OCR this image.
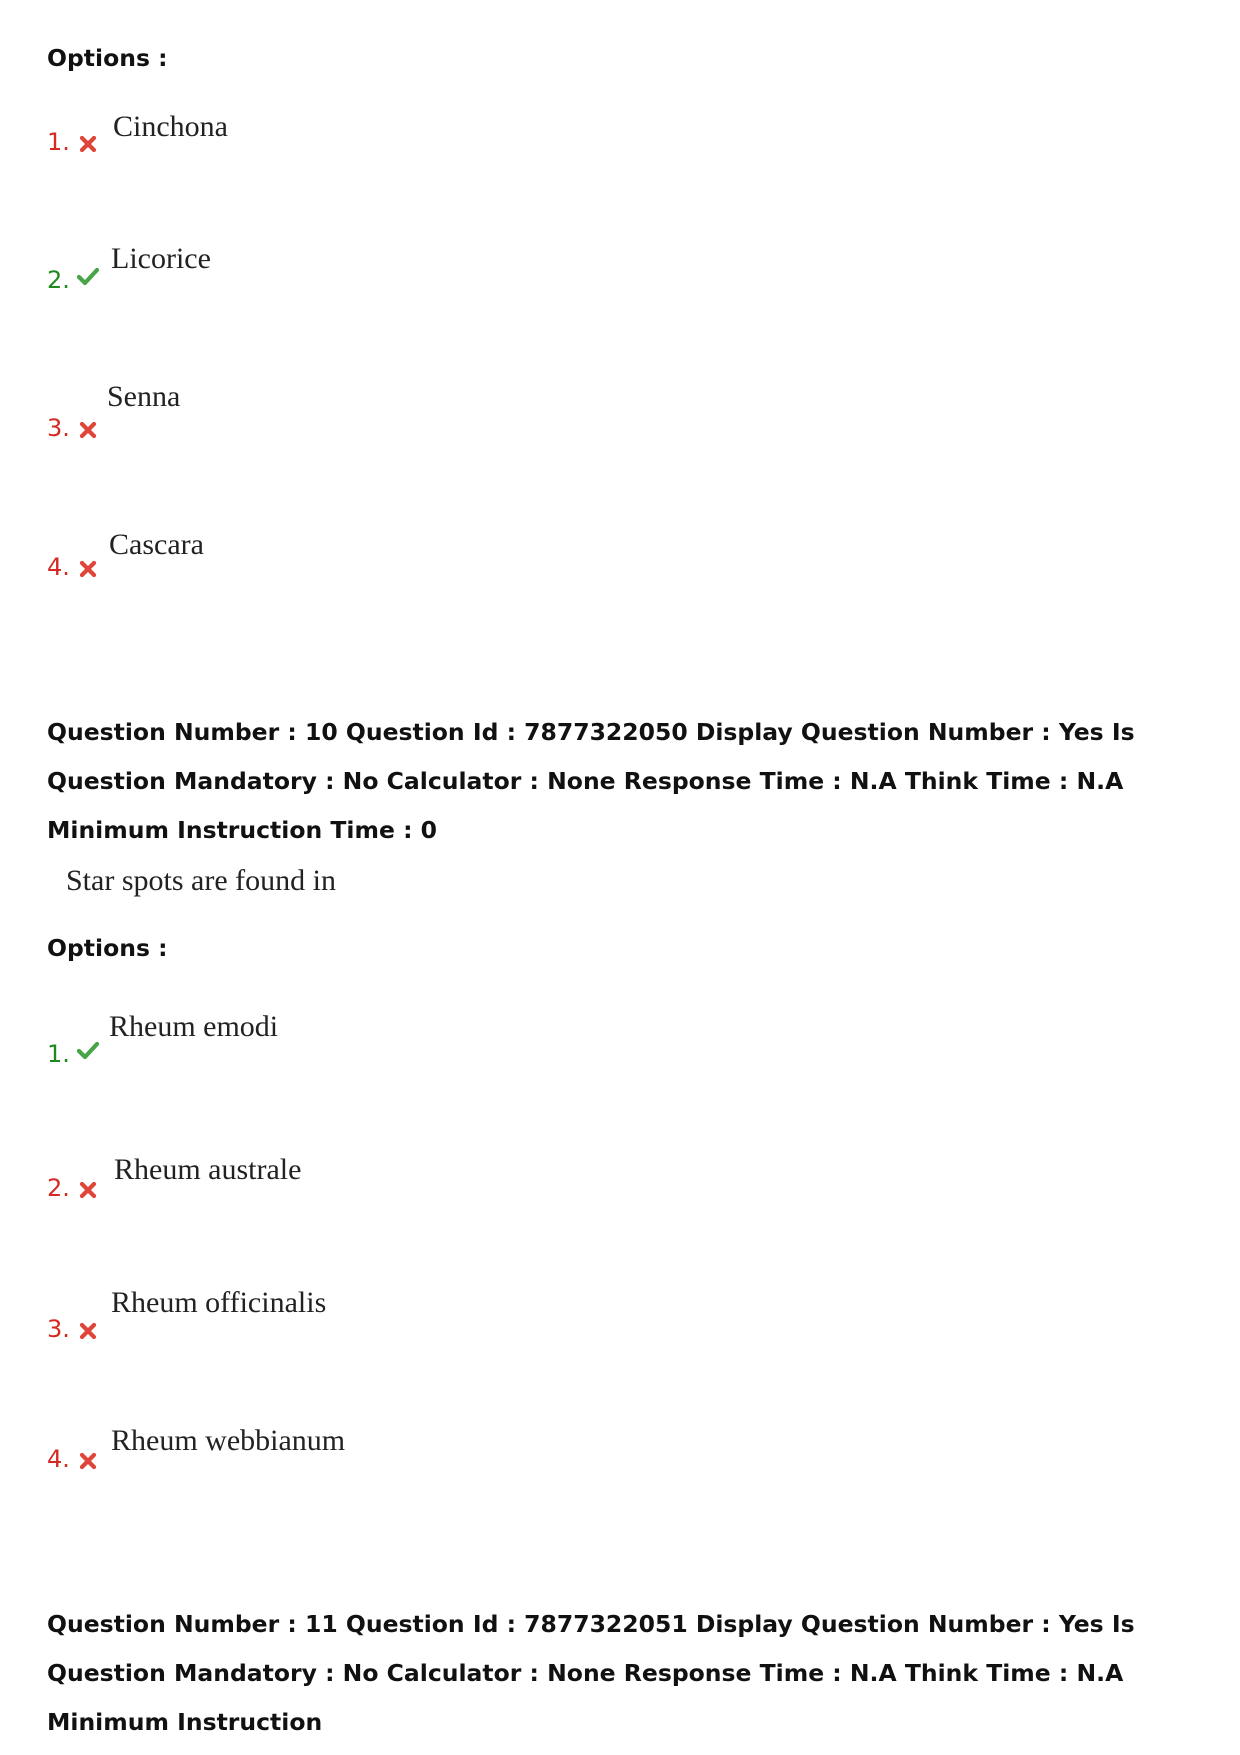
Options :
1. Cinchona
2.
Licorice
3.
Senna
4.
Cascara
Question Number : 10 Question Id : 7877322050 Display Question Number : Yes Is Question Mandatory : No Calculator : None Response Time : N.A Think Time : N.A Minimum Instruction Time : 0
Star spots are found in
Options :
1.
Rheum emodi
2.
Rheum australe
3.
Rheum officinalis
4.
Rheum webbianum
Question Number : 11 Question Id : 7877322051 Display Question Number : Yes Is Question Mandatory : No Calculator : None Response Time : N.A Think Time : N.A Minimum Instruction
